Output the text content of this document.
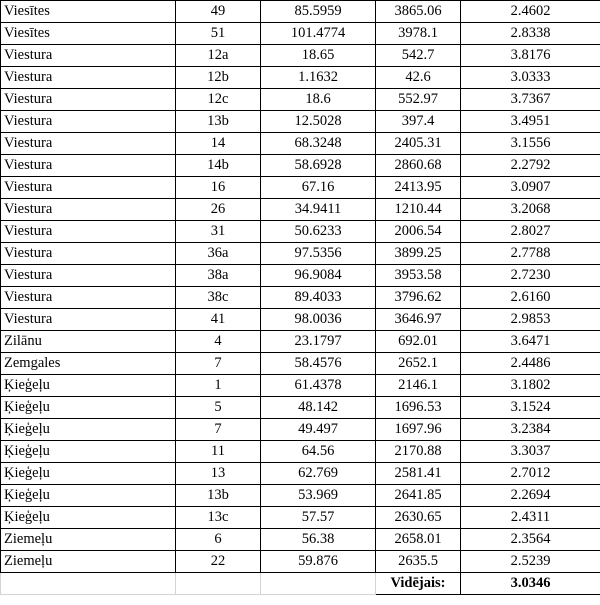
Viesītes	49	85.5959	3865.06	2.4602
Viesītes	51	101.4774	3978.1	2.8338
Viestura	12a	18.65	542.7	3.8176
Viestura	12b	1.1632	42.6	3.0333
Viestura	12c	18.6	552.97	3.7367
Viestura	13b	12.5028	397.4	3.4951
Viestura	14	68.3248	2405.31	3.1556
Viestura	14b	58.6928	2860.68	2.2792
Viestura	16	67.16	2413.95	3.0907
Viestura	26	34.9411	1210.44	3.2068
Viestura	31	50.6233	2006.54	2.8027
Viestura	36a	97.5356	3899.25	2.7788
Viestura	38a	96.9084	3953.58	2.7230
Viestura	38c	89.4033	3796.62	2.6160
Viestura	41	98.0036	3646.97	2.9853
Zilānu	4	23.1797	692.01	3.6471
Zemgales	7	58.4576	2652.1	2.4486
Ķieģeļu	1	61.4378	2146.1	3.1802
Ķieģeļu	5	48.142	1696.53	3.1524
Ķieģeļu	7	49.497	1697.96	3.2384
Ķieģeļu	11	64.56	2170.88	3.3037
Ķieģeļu	13	62.769	2581.41	2.7012
Ķieģeļu	13b	53.969	2641.85	2.2694
Ķieģeļu	13c	57.57	2630.65	2.4311
Ziemeļu	6	56.38	2658.01	2.3564
Ziemeļu	22	59.876	2635.5	2.5239
			Vidējais:	3.0346
